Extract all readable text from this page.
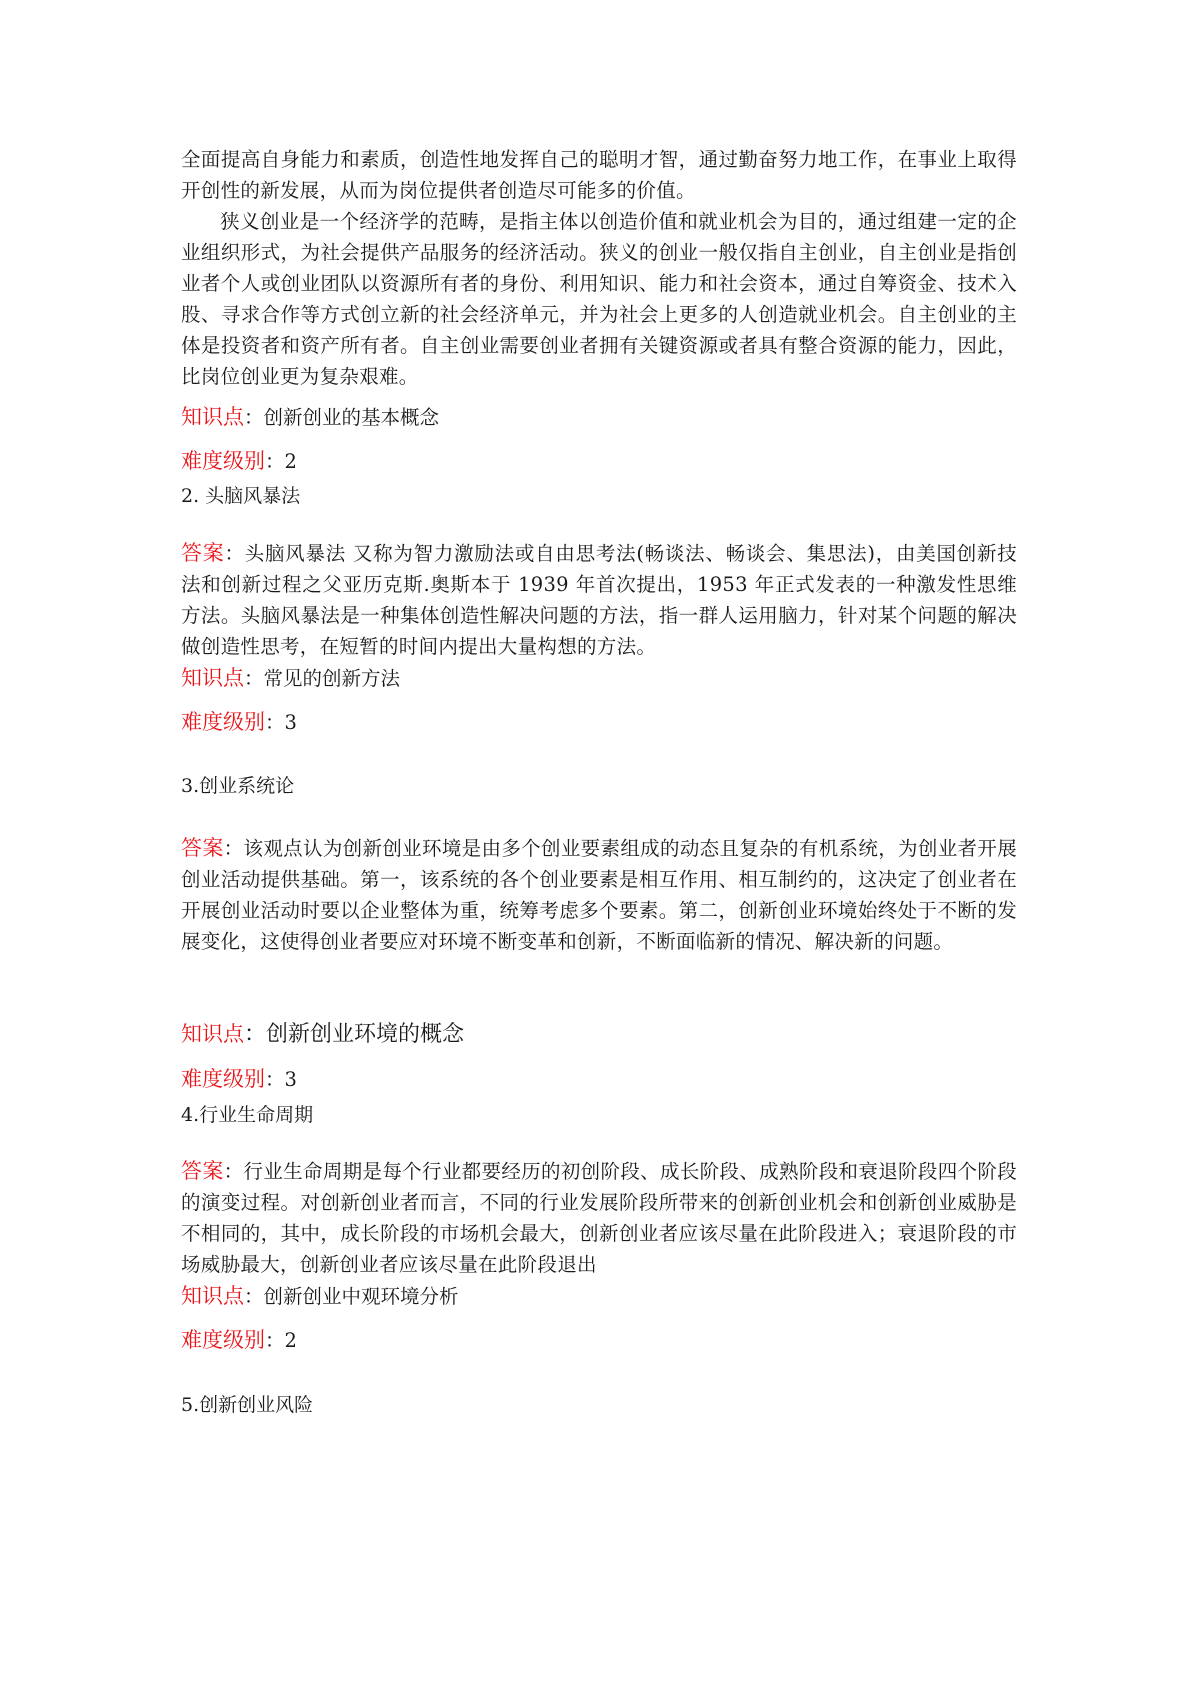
全面提高自身能力和素质，创造性地发挥自己的聪明才智，通过勤奋努力地工作，在事业上取得开创性的新发展，从而为岗位提供者创造尽可能多的价值。

狭义创业是一个经济学的范畴，是指主体以创造价值和就业机会为目的，通过组建一定的企业组织形式，为社会提供产品服务的经济活动。狭义的创业一般仅指自主创业，自主创业是指创业者个人或创业团队以资源所有者的身份、利用知识、能力和社会资本，通过自筹资金、技术入股、寻求合作等方式创立新的社会经济单元，并为社会上更多的人创造就业机会。自主创业的主体是投资者和资产所有者。自主创业需要创业者拥有关键资源或者具有整合资源的能力，因此，比岗位创业更为复杂艰难。

知识点：创新创业的基本概念
难度级别：2
2. 头脑风暴法

答案：头脑风暴法 又称为智力激励法或自由思考法(畅谈法、畅谈会、集思法)，由美国创新技法和创新过程之父亚历克斯.奥斯本于 1939 年首次提出，1953 年正式发表的一种激发性思维方法。头脑风暴法是一种集体创造性解决问题的方法，指一群人运用脑力，针对某个问题的解决做创造性思考，在短暂的时间内提出大量构想的方法。

知识点：常见的创新方法
难度级别：3
3.创业系统论

答案：该观点认为创新创业环境是由多个创业要素组成的动态且复杂的有机系统，为创业者开展创业活动提供基础。第一，该系统的各个创业要素是相互作用、相互制约的，这决定了创业者在开展创业活动时要以企业整体为重，统筹考虑多个要素。第二，创新创业环境始终处于不断的发展变化，这使得创业者要应对环境不断变革和创新，不断面临新的情况、解决新的问题。

知识点：创新创业环境的概念
难度级别：3
4.行业生命周期

答案：行业生命周期是每个行业都要经历的初创阶段、成长阶段、成熟阶段和衰退阶段四个阶段的演变过程。对创新创业者而言，不同的行业发展阶段所带来的创新创业机会和创新创业威胁是不相同的，其中，成长阶段的市场机会最大，创新创业者应该尽量在此阶段进入；衰退阶段的市场威胁最大，创新创业者应该尽量在此阶段退出

知识点：创新创业中观环境分析
难度级别：2
5.创新创业风险
